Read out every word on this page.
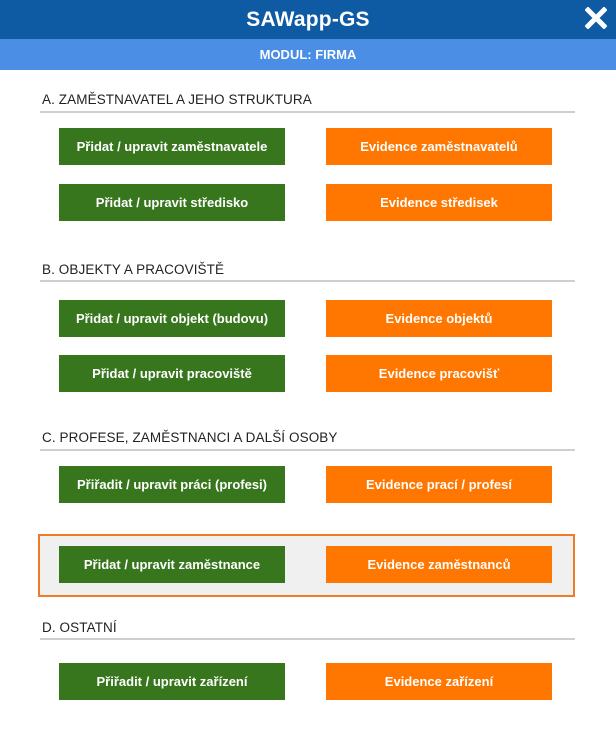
SAWapp-GS
MODUL: FIRMA
A. ZAMĚSTNAVATEL A JEHO STRUKTURA
Přidat / upravit zaměstnavatele	Evidence zaměstnavatelů
Přidat / upravit středisko	Evidence středisek
B. OBJEKTY A PRACOVIŠTĚ
Přidat / upravit objekt (budovu)	Evidence objektů
Přidat / upravit pracoviště	Evidence pracovišť
C. PROFESE, ZAMĚSTNANCI A DALŠÍ OSOBY
Přiřadit / upravit práci (profesi)	Evidence prací / profesí
Přidat / upravit zaměstnance	Evidence zaměstnanců
D. OSTATNÍ
Přiřadit / upravit zařízení	Evidence zařízení
